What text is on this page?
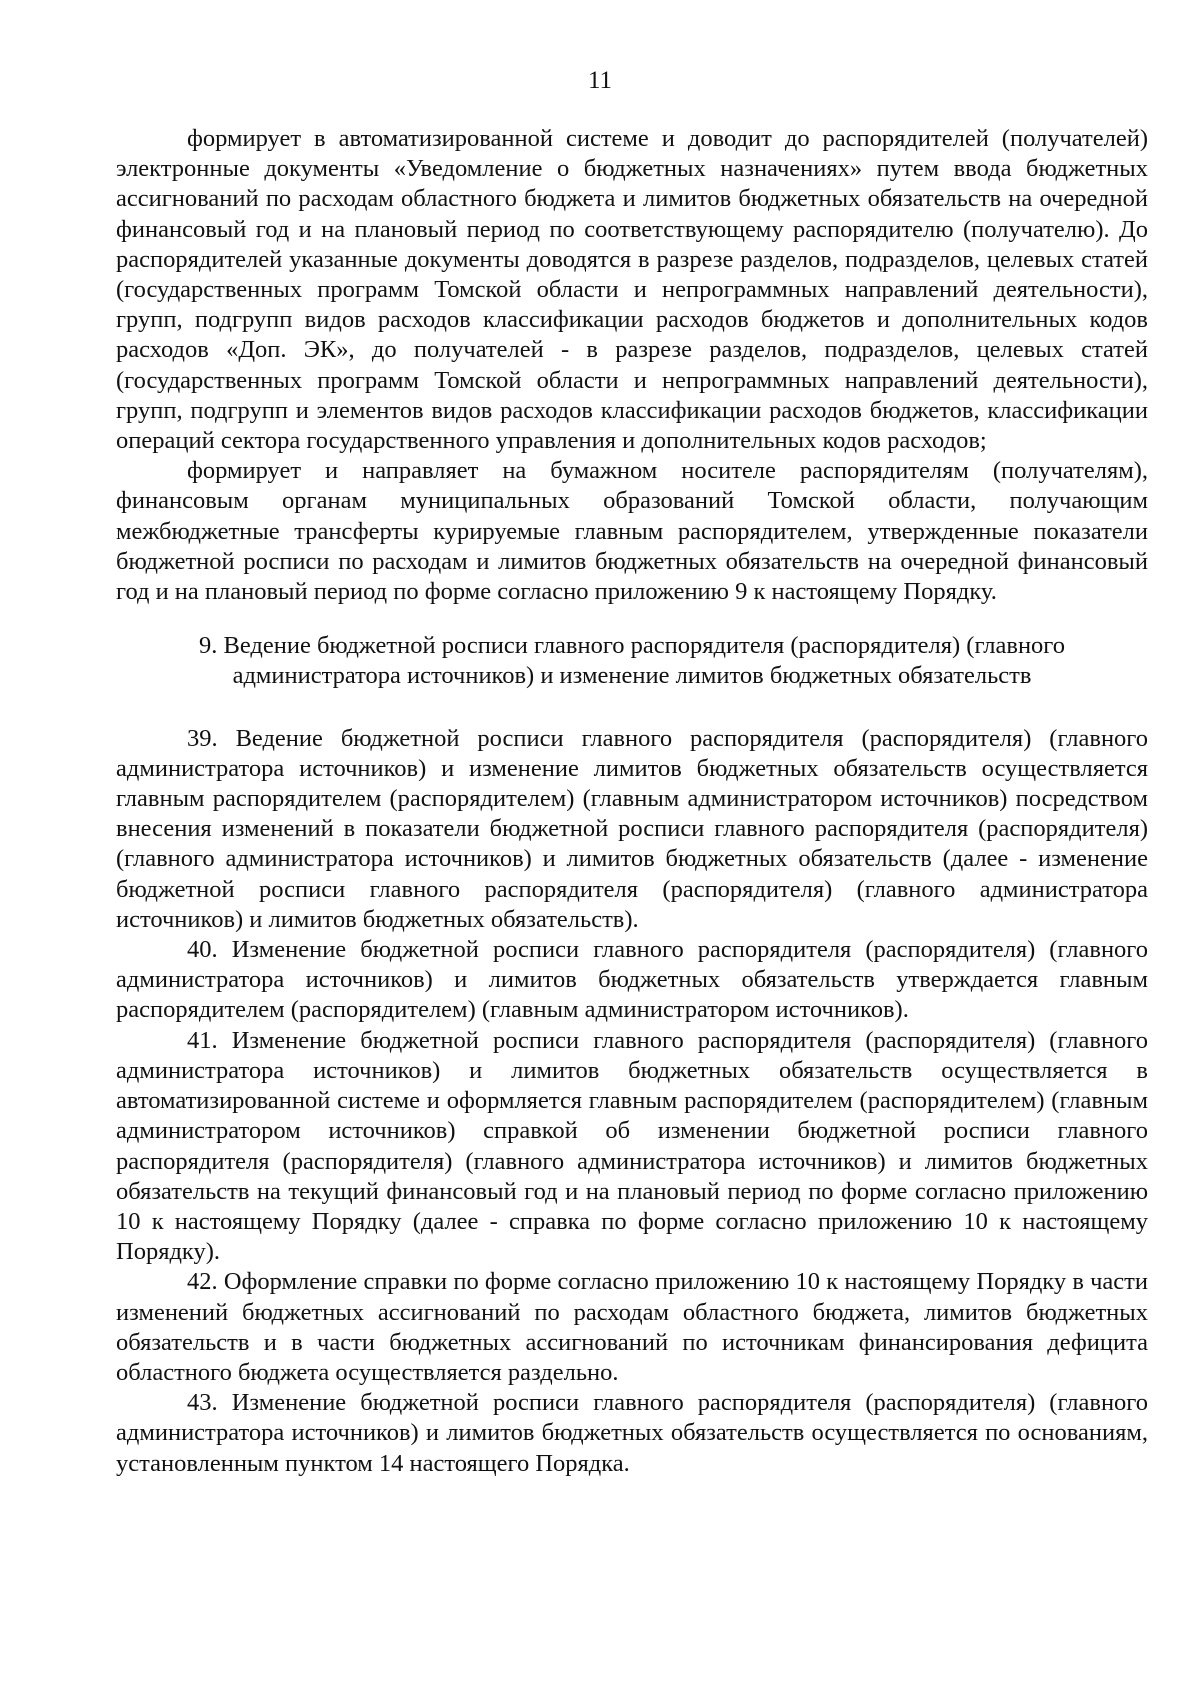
11

формирует в автоматизированной системе и доводит до распорядителей (получателей) электронные документы «Уведомление о бюджетных назначениях» путем ввода бюджетных ассигнований по расходам областного бюджета и лимитов бюджетных обязательств на очередной финансовый год и на плановый период по соответствующему распорядителю (получателю). До распорядителей указанные документы доводятся в разрезе разделов, подразделов, целевых статей (государственных программ Томской области и непрограммных направлений деятельности), групп, подгрупп видов расходов классификации расходов бюджетов и дополнительных кодов расходов «Доп. ЭК», до получателей - в разрезе разделов, подразделов, целевых статей (государственных программ Томской области и непрограммных направлений деятельности), групп, подгрупп и элементов видов расходов классификации расходов бюджетов, классификации операций сектора государственного управления и дополнительных кодов расходов;

формирует и направляет на бумажном носителе распорядителям (получателям), финансовым органам муниципальных образований Томской области, получающим межбюджетные трансферты курируемые главным распорядителем, утвержденные показатели бюджетной росписи по расходам и лимитов бюджетных обязательств на очередной финансовый год и на плановый период по форме согласно приложению 9 к настоящему Порядку.

9. Ведение бюджетной росписи главного распорядителя (распорядителя) (главного
администратора источников) и изменение лимитов бюджетных обязательств

39. Ведение бюджетной росписи главного распорядителя (распорядителя) (главного администратора источников) и изменение лимитов бюджетных обязательств осуществляется главным распорядителем (распорядителем) (главным администратором источников) посредством внесения изменений в показатели бюджетной росписи главного распорядителя (распорядителя) (главного администратора источников) и лимитов бюджетных обязательств (далее - изменение бюджетной росписи главного распорядителя (распорядителя) (главного администратора источников) и лимитов бюджетных обязательств).

40. Изменение бюджетной росписи главного распорядителя (распорядителя) (главного администратора источников) и лимитов бюджетных обязательств утверждается главным распорядителем (распорядителем) (главным администратором источников).

41. Изменение бюджетной росписи главного распорядителя (распорядителя) (главного администратора источников) и лимитов бюджетных обязательств осуществляется в автоматизированной системе и оформляется главным распорядителем (распорядителем) (главным администратором источников) справкой об изменении бюджетной росписи главного распорядителя (распорядителя) (главного администратора источников) и лимитов бюджетных обязательств на текущий финансовый год и на плановый период по форме согласно приложению 10 к настоящему Порядку (далее - справка по форме согласно приложению 10 к настоящему Порядку).

42. Оформление справки по форме согласно приложению 10 к настоящему Порядку в части изменений бюджетных ассигнований по расходам областного бюджета, лимитов бюджетных обязательств и в части бюджетных ассигнований по источникам финансирования дефицита областного бюджета осуществляется раздельно.

43. Изменение бюджетной росписи главного распорядителя (распорядителя) (главного администратора источников) и лимитов бюджетных обязательств осуществляется по основаниям, установленным пунктом 14 настоящего Порядка.
